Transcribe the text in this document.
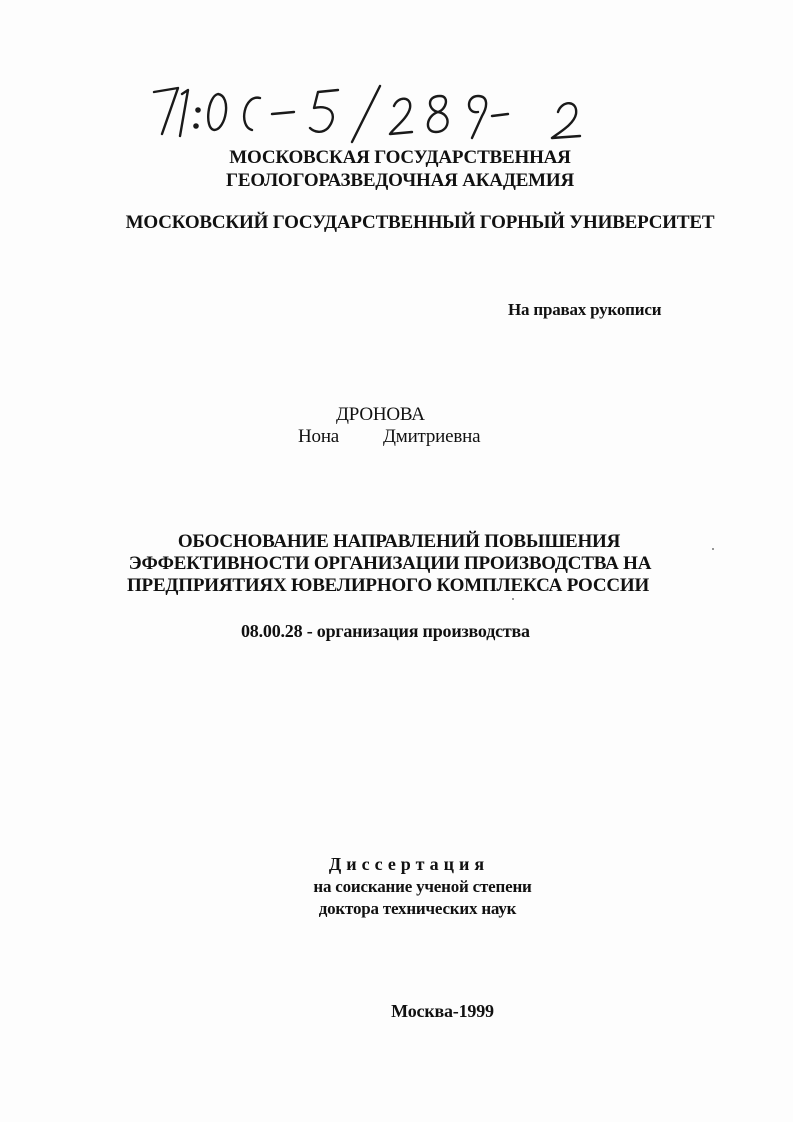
МОСКОВСКАЯ ГОСУДАРСТВЕННАЯ
ГЕОЛОГОРАЗВЕДОЧНАЯ АКАДЕМИЯ
МОСКОВСКИЙ ГОСУДАРСТВЕННЫЙ ГОРНЫЙ УНИВЕРСИТЕТ
На правах рукописи
ДРОНОВА
Нона Дмитриевна
ОБОСНОВАНИЕ НАПРАВЛЕНИЙ ПОВЫШЕНИЯ
ЭФФЕКТИВНОСТИ ОРГАНИЗАЦИИ ПРОИЗВОДСТВА НА
ПРЕДПРИЯТИЯХ ЮВЕЛИРНОГО КОМПЛЕКСА РОССИИ
08.00.28 - организация производства
Диссертация
на соискание ученой степени
доктора технических наук
Москва-1999
